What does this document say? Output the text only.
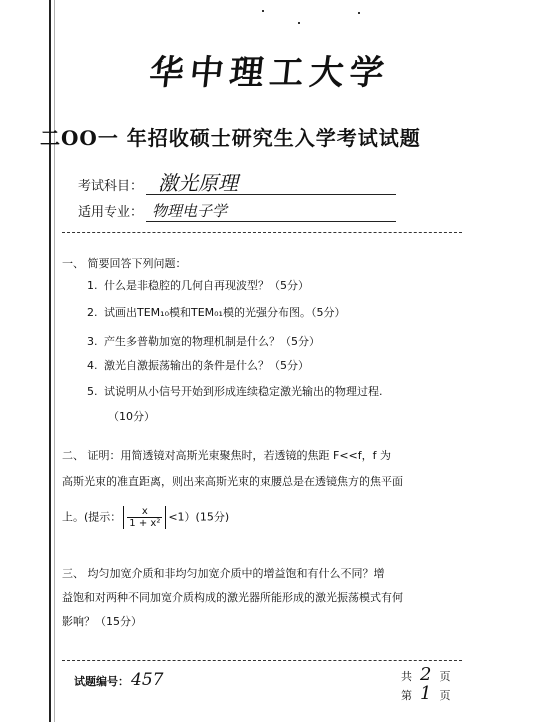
华中理工大学
二OO一 年招收硕士研究生入学考试试题
考试科目： 激光原理
适用专业： 物理电子学
一、 简要回答下列问题：
1. 什么是非稳腔的几何自再现波型？（5分）
2. 试画出TEM₁₀模和TEM₀₁模的光强分布图。（5分）
3. 产生多普勒加宽的物理机制是什么？（5分）
4. 激光自激振荡输出的条件是什么？（5分）
5. 试说明从小信号开始到形成连续稳定激光输出的物理过程.
（10分）
二、 证明：用简透镜对高斯光束聚焦时，若透镜的焦距 F<<f，f 为
高斯光束的准直距离，则出来高斯光束的束腰总是在透镜焦方的焦平面
上。(提示： $\frac{x}{\text{1 + x²}} <1)(15$分)
三、 均匀加宽介质和非均匀加宽介质中的增益饱和有什么不同？增
益饱和对两种不同加宽介质构成的激光器所能形成的激光振荡模式有何
影响？（15分）
试题编号： 457	共 2 页
第 1 页
